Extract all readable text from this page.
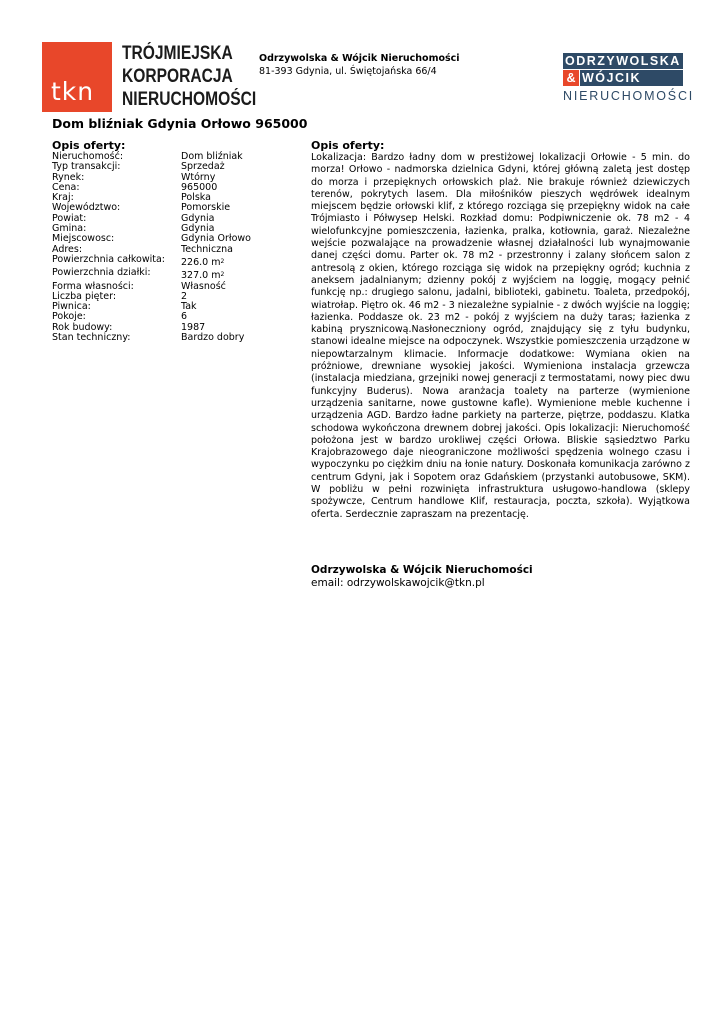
tkn
TRÓJMIEJSKA
KORPORACJA
NIERUCHOMOŚCI
Odrzywolska & Wójcik Nieruchomości
81-393 Gdynia, ul. Świętojańska 66/4
ODRZYWOLSKA
& WÓJCIK
NIERUCHOMOŚCI
Dom bliźniak Gdynia Orłowo 965000
Opis oferty:
Nieruchomość:	Dom bliźniak
Typ transakcji:	Sprzedaż
Rynek:	Wtórny
Cena:	965000
Kraj:	Polska
Województwo:	Pomorskie
Powiat:	Gdynia
Gmina:	Gdynia
Miejscowosc:	Gdynia Orłowo
Adres:	Techniczna
Powierzchnia całkowita:	226.0 $m^2$
Powierzchnia działki:	327.0 $m^2$
Forma własności:	Własność
Liczba pięter:	2
Piwnica:	Tak
Pokoje:	6
Rok budowy:	1987
Stan techniczny:	Bardzo dobry
Opis oferty:

Lokalizacja: Bardzo ładny dom w prestiżowej lokalizacji Orłowie - 5 min. do morza! Orłowo - nadmorska dzielnica Gdyni, której główną zaletą jest dostęp do morza i przepięknych orłowskich plaż. Nie brakuje również dziewiczych terenów, pokrytych lasem. Dla miłośników pieszych wędrówek idealnym miejscem będzie orłowski klif, z którego rozciąga się przepiękny widok na całe Trójmiasto i Półwysep Helski. Rozkład domu: Podpiwniczenie ok. 78 m2 - 4 wielofunkcyjne pomieszczenia, łazienka, pralka, kotłownia, garaż. Niezależne wejście pozwalające na prowadzenie własnej działalności lub wynajmowanie danej części domu. Parter ok. 78 m2 - przestronny i zalany słońcem salon z antresolą z okien, którego rozciąga się widok na przepiękny ogród; kuchnia z aneksem jadalnianym; dzienny pokój z wyjściem na loggię, mogący pełnić funkcję np.: drugiego salonu, jadalni, biblioteki, gabinetu. Toaleta, przedpokój, wiatrołap. Piętro ok. 46 m2 - 3 niezależne sypialnie - z dwóch wyjście na loggię; łazienka. Poddasze ok. 23 m2 - pokój z wyjściem na duży taras; łazienka z kabiną prysznicową.Nasłoneczniony ogród, znajdujący się z tyłu budynku, stanowi idealne miejsce na odpoczynek. Wszystkie pomieszczenia urządzone w niepowtarzalnym klimacie. Informacje dodatkowe: Wymiana okien na próżniowe, drewniane wysokiej jakości. Wymieniona instalacja grzewcza (instalacja miedziana, grzejniki nowej generacji z termostatami, nowy piec dwu funkcyjny Buderus). Nowa aranżacja toalety na parterze (wymienione urządzenia sanitarne, nowe gustowne kafle). Wymienione meble kuchenne i urządzenia AGD. Bardzo ładne parkiety na parterze, piętrze, poddaszu. Klatka schodowa wykończona drewnem dobrej jakości. Opis lokalizacji: Nieruchomość położona jest w bardzo urokliwej części Orłowa. Bliskie sąsiedztwo Parku Krajobrazowego daje nieograniczone możliwości spędzenia wolnego czasu i wypoczynku po ciężkim dniu na łonie natury. Doskonała komunikacja zarówno z centrum Gdyni, jak i Sopotem oraz Gdańskiem (przystanki autobusowe, SKM). W pobliżu w pełni rozwinięta infrastruktura usługowo-handlowa (sklepy spożywcze, Centrum handlowe Klif, restauracja, poczta, szkoła). Wyjątkowa oferta. Serdecznie zapraszam na prezentację.

Odrzywolska & Wójcik Nieruchomości
email: odrzywolskawojcik@tkn.pl
